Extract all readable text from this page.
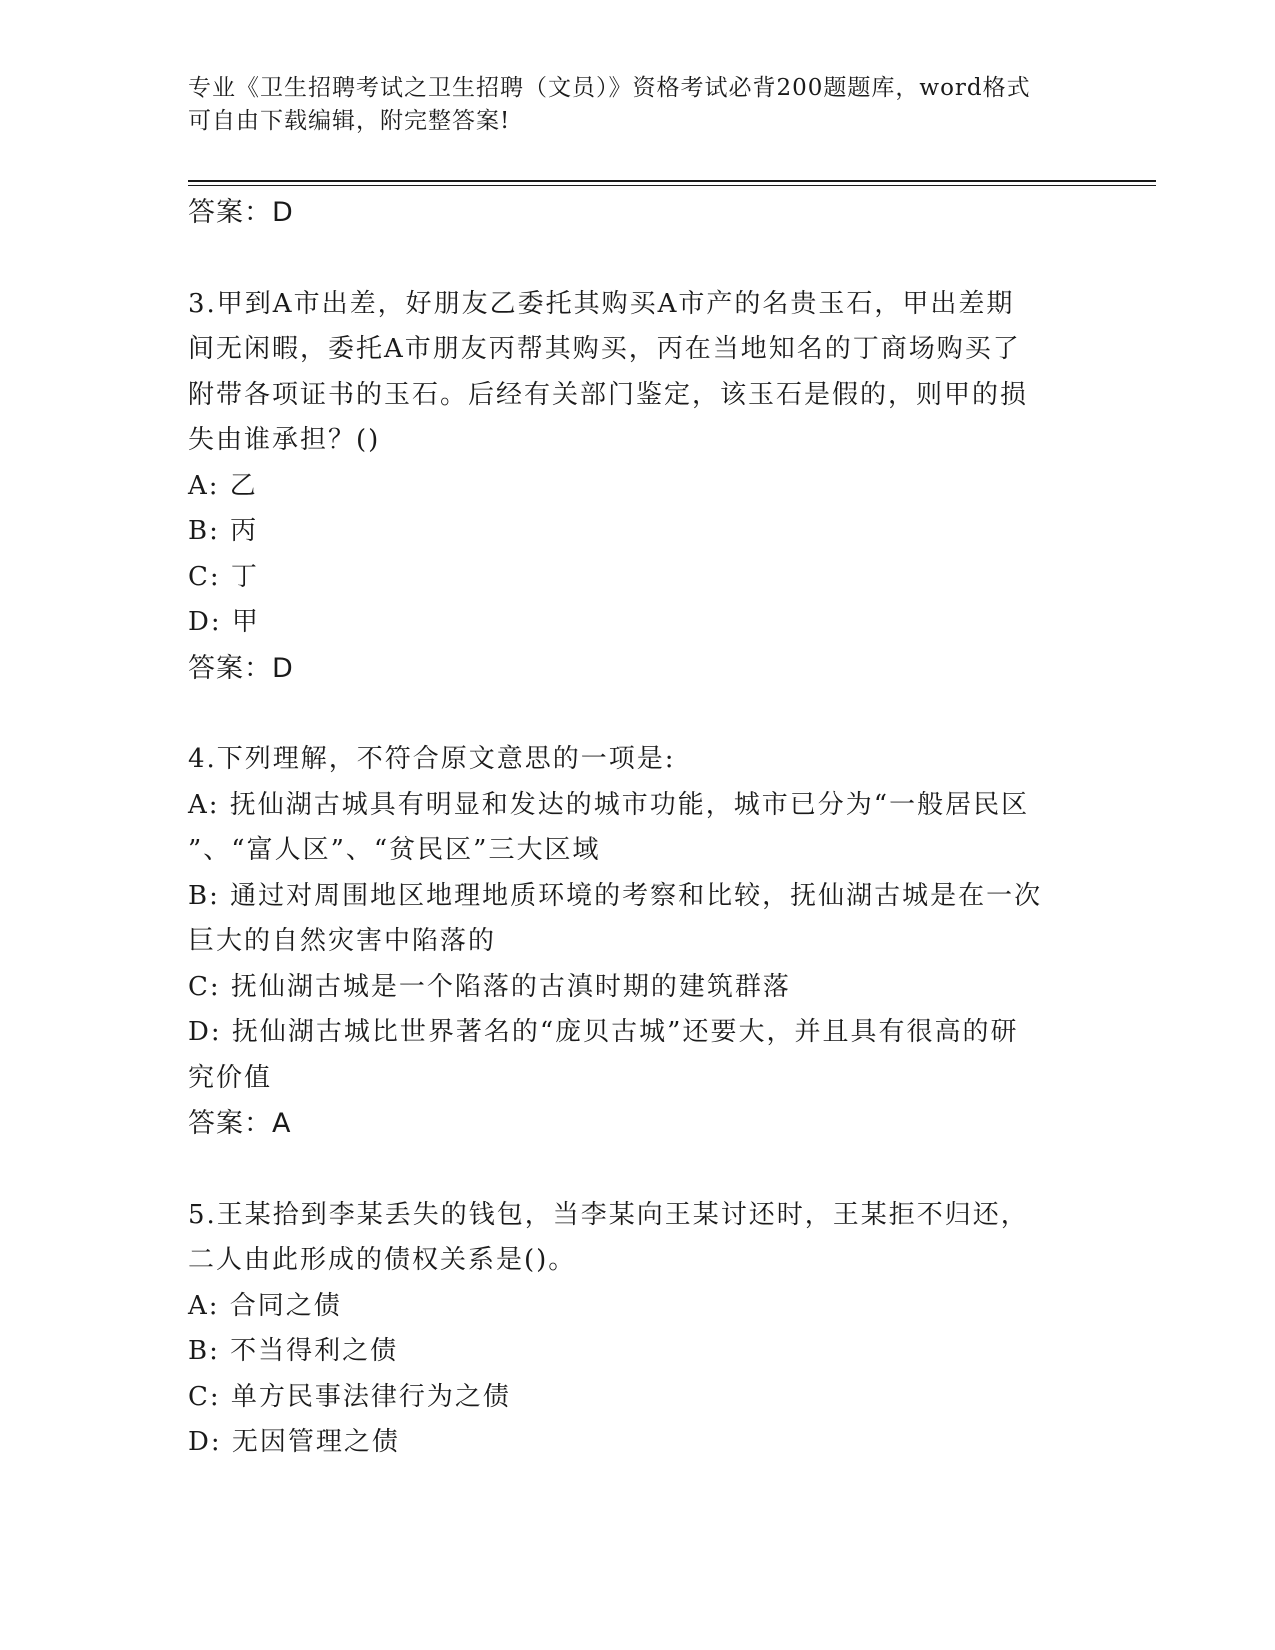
专业《卫生招聘考试之卫生招聘（文员）》资格考试必背200题题库，word格式
可自由下载编辑，附完整答案!
答案：D
3.甲到A市出差，好朋友乙委托其购买A市产的名贵玉石，甲出差期
间无闲暇，委托A市朋友丙帮其购买，丙在当地知名的丁商场购买了
附带各项证书的玉石。后经有关部门鉴定，该玉石是假的，则甲的损
失由谁承担？()
A: 乙
B: 丙
C: 丁
D: 甲
答案：D
4.下列理解，不符合原文意思的一项是:
A: 抚仙湖古城具有明显和发达的城市功能，城市已分为“一般居民区
”、“富人区”、“贫民区”三大区域
B: 通过对周围地区地理地质环境的考察和比较，抚仙湖古城是在一次
巨大的自然灾害中陷落的
C: 抚仙湖古城是一个陷落的古滇时期的建筑群落
D: 抚仙湖古城比世界著名的“庞贝古城”还要大，并且具有很高的研
究价值
答案：A
5.王某拾到李某丢失的钱包，当李某向王某讨还时，王某拒不归还，
二人由此形成的债权关系是()。
A: 合同之债
B: 不当得利之债
C: 单方民事法律行为之债
D: 无因管理之债
